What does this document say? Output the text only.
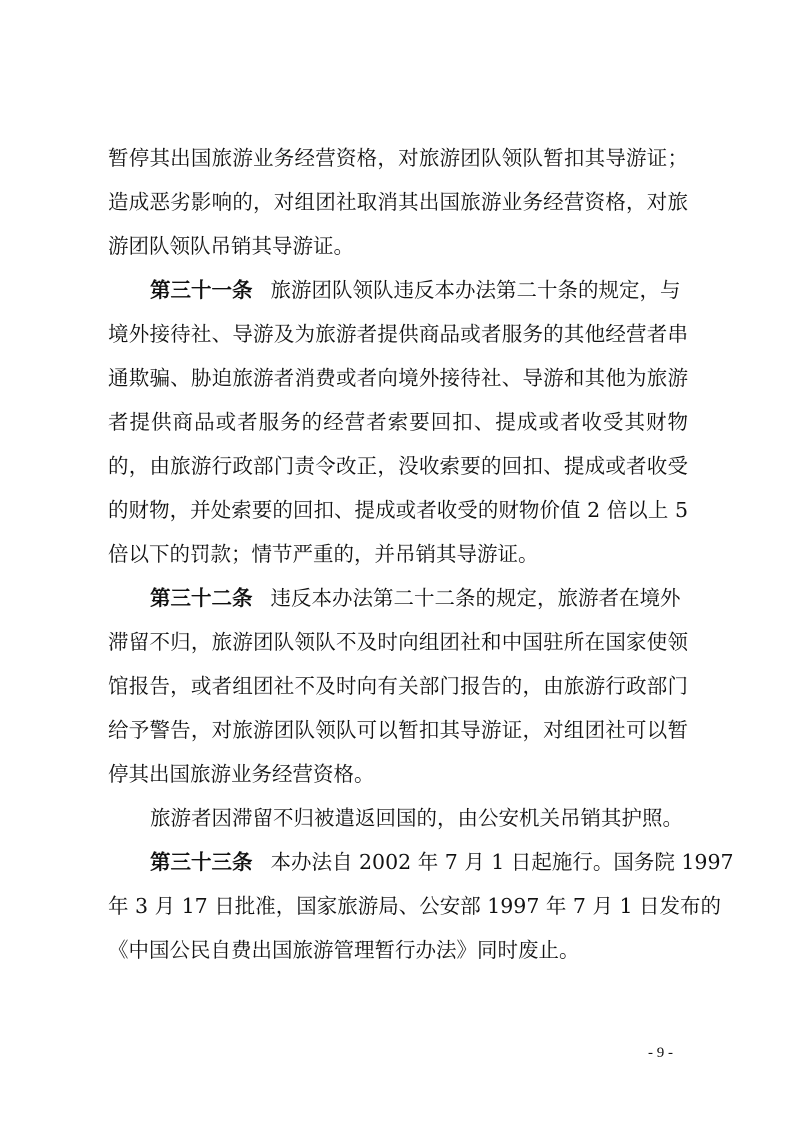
暂停其出国旅游业务经营资格，对旅游团队领队暂扣其导游证；
造成恶劣影响的，对组团社取消其出国旅游业务经营资格，对旅
游团队领队吊销其导游证。
第三十一条 旅游团队领队违反本办法第二十条的规定，与
境外接待社、导游及为旅游者提供商品或者服务的其他经营者串
通欺骗、胁迫旅游者消费或者向境外接待社、导游和其他为旅游
者提供商品或者服务的经营者索要回扣、提成或者收受其财物
的，由旅游行政部门责令改正，没收索要的回扣、提成或者收受
的财物，并处索要的回扣、提成或者收受的财物价值 2 倍以上 5
倍以下的罚款；情节严重的，并吊销其导游证。
第三十二条 违反本办法第二十二条的规定，旅游者在境外
滞留不归，旅游团队领队不及时向组团社和中国驻所在国家使领
馆报告，或者组团社不及时向有关部门报告的，由旅游行政部门
给予警告，对旅游团队领队可以暂扣其导游证，对组团社可以暂
停其出国旅游业务经营资格。
旅游者因滞留不归被遣返回国的，由公安机关吊销其护照。
第三十三条 本办法自 2002 年 7 月 1 日起施行。国务院 1997
年 3 月 17 日批准，国家旅游局、公安部 1997 年 7 月 1 日发布的
《中国公民自费出国旅游管理暂行办法》同时废止。
- 9 -
